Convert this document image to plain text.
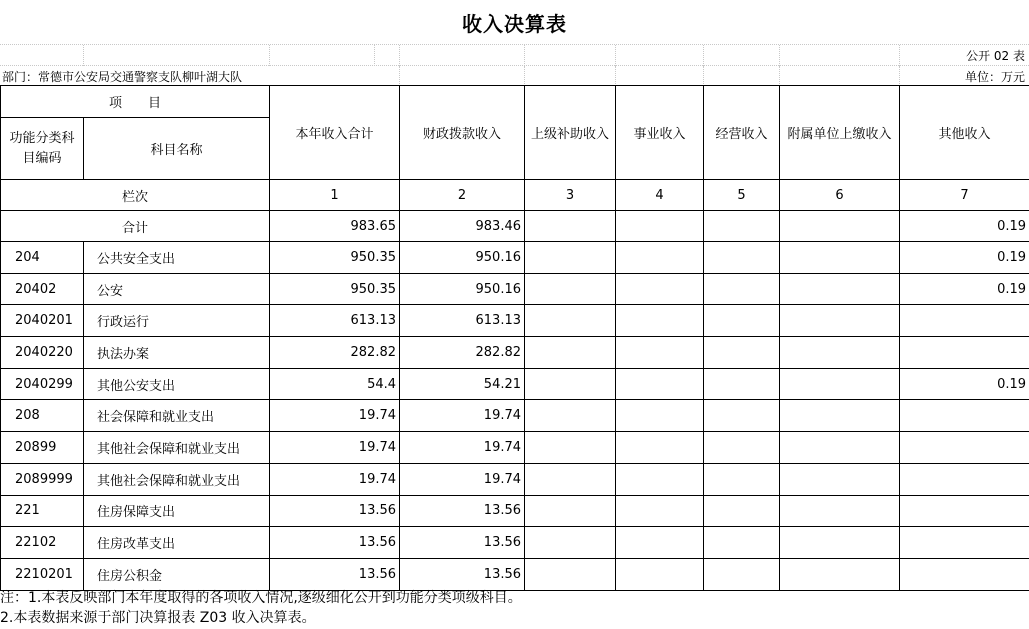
收入决算表
公开 02 表
部门：常德市公安局交通警察支队柳叶湖大队	单位：万元
项　　目		本年收入合计	财政拨款收入	上级补助收入	事业收入	经营收入	附属单位上缴收入	其他收入
功能分类科目编码	科目名称							
栏次		1	2	3	4	5	6	7
合计		983.65	983.46					0.19
204	公共安全支出	950.35	950.16					0.19
20402	公安	950.35	950.16					0.19
2040201	行政运行	613.13	613.13					
2040220	执法办案	282.82	282.82					
2040299	其他公安支出	54.4	54.21					0.19
208	社会保障和就业支出	19.74	19.74					
20899	其他社会保障和就业支出	19.74	19.74					
2089999	其他社会保障和就业支出	19.74	19.74					
221	住房保障支出	13.56	13.56					
22102	住房改革支出	13.56	13.56					
2210201	住房公积金	13.56	13.56					
注：1.本表反映部门本年度取得的各项收入情况,逐级细化公开到功能分类项级科目。
2.本表数据来源于部门决算报表 Z03 收入决算表。
